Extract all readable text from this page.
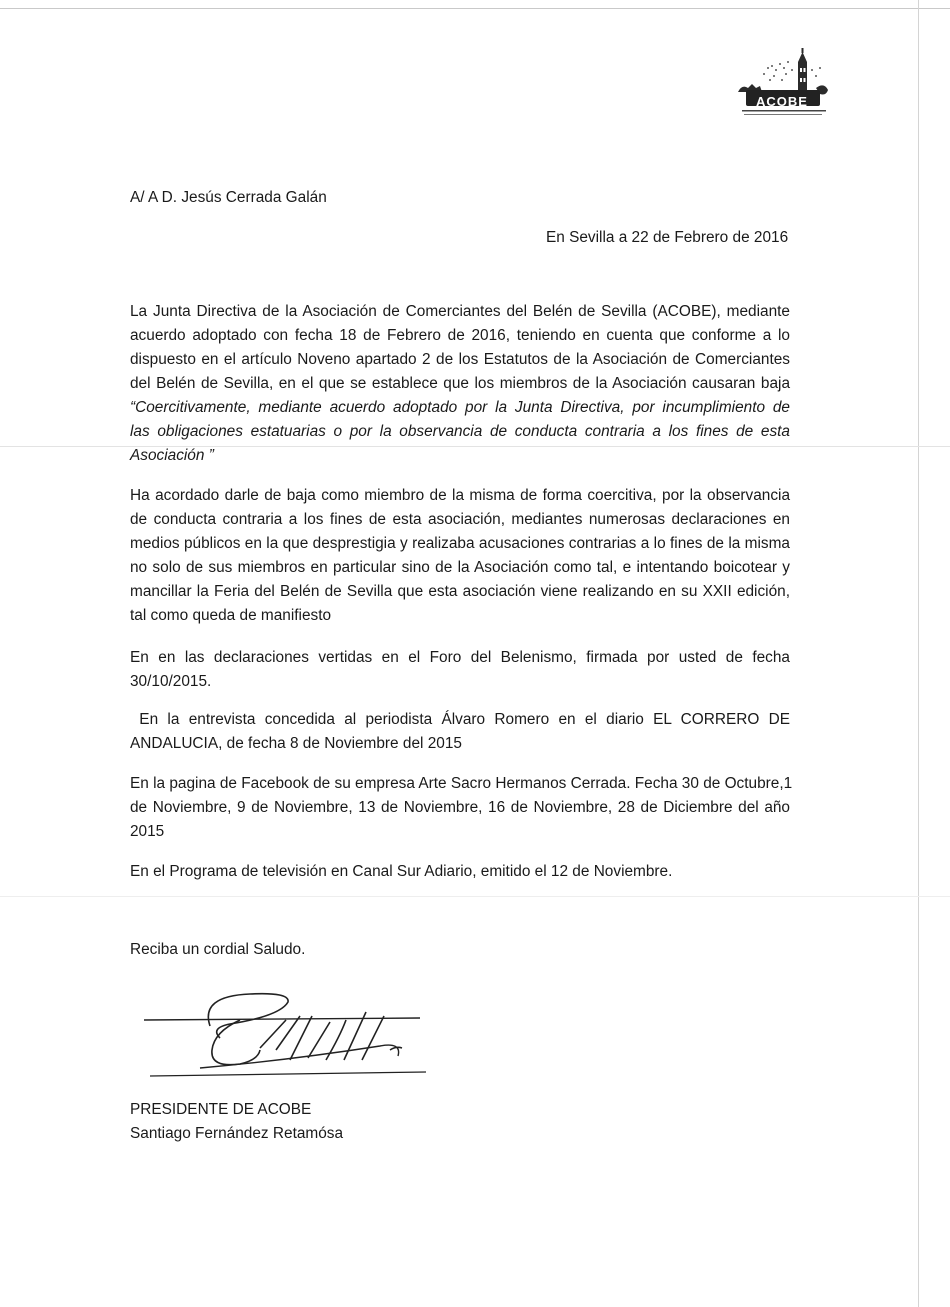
ACOBE
A/ A D. Jesús Cerrada Galán
En Sevilla a 22 de Febrero de 2016
La Junta Directiva de la Asociación de Comerciantes del Belén de Sevilla (ACOBE), mediante
acuerdo adoptado con fecha 18 de Febrero de 2016, teniendo en cuenta que conforme a lo
dispuesto en el artículo Noveno apartado 2 de los Estatutos de la Asociación de Comerciantes
del Belén de Sevilla, en el que se establece que los miembros de la Asociación causaran baja
“Coercitivamente, mediante acuerdo adoptado por la Junta Directiva, por incumplimiento de
las obligaciones estatuarias o por la observancia de conducta contraria a los fines de esta
Asociación ”
Ha acordado darle de baja como miembro de la misma de forma coercitiva, por la observancia
de conducta contraria a los fines de esta asociación, mediantes numerosas declaraciones en
medios públicos en la que desprestigia y realizaba acusaciones contrarias a lo fines de la misma
no solo de sus miembros en particular sino de la Asociación como tal, e intentando boicotear y
mancillar la Feria del Belén de Sevilla que esta asociación viene realizando en su XXII edición,
tal como queda de manifiesto
En en las declaraciones vertidas en el Foro del Belenismo, firmada por usted de fecha
30/10/2015.
En la entrevista concedida al periodista Álvaro Romero en el diario EL CORRERO DE
ANDALUCIA, de fecha 8 de Noviembre del 2015
En la pagina de Facebook de su empresa Arte Sacro Hermanos Cerrada. Fecha 30 de Octubre,1
de Noviembre, 9 de Noviembre, 13 de Noviembre, 16 de Noviembre, 28 de Diciembre del año
2015
En el Programa de televisión en Canal Sur Adiario, emitido el 12 de Noviembre.
Reciba un cordial Saludo.
PRESIDENTE DE ACOBE
Santiago Fernández Retamósa
